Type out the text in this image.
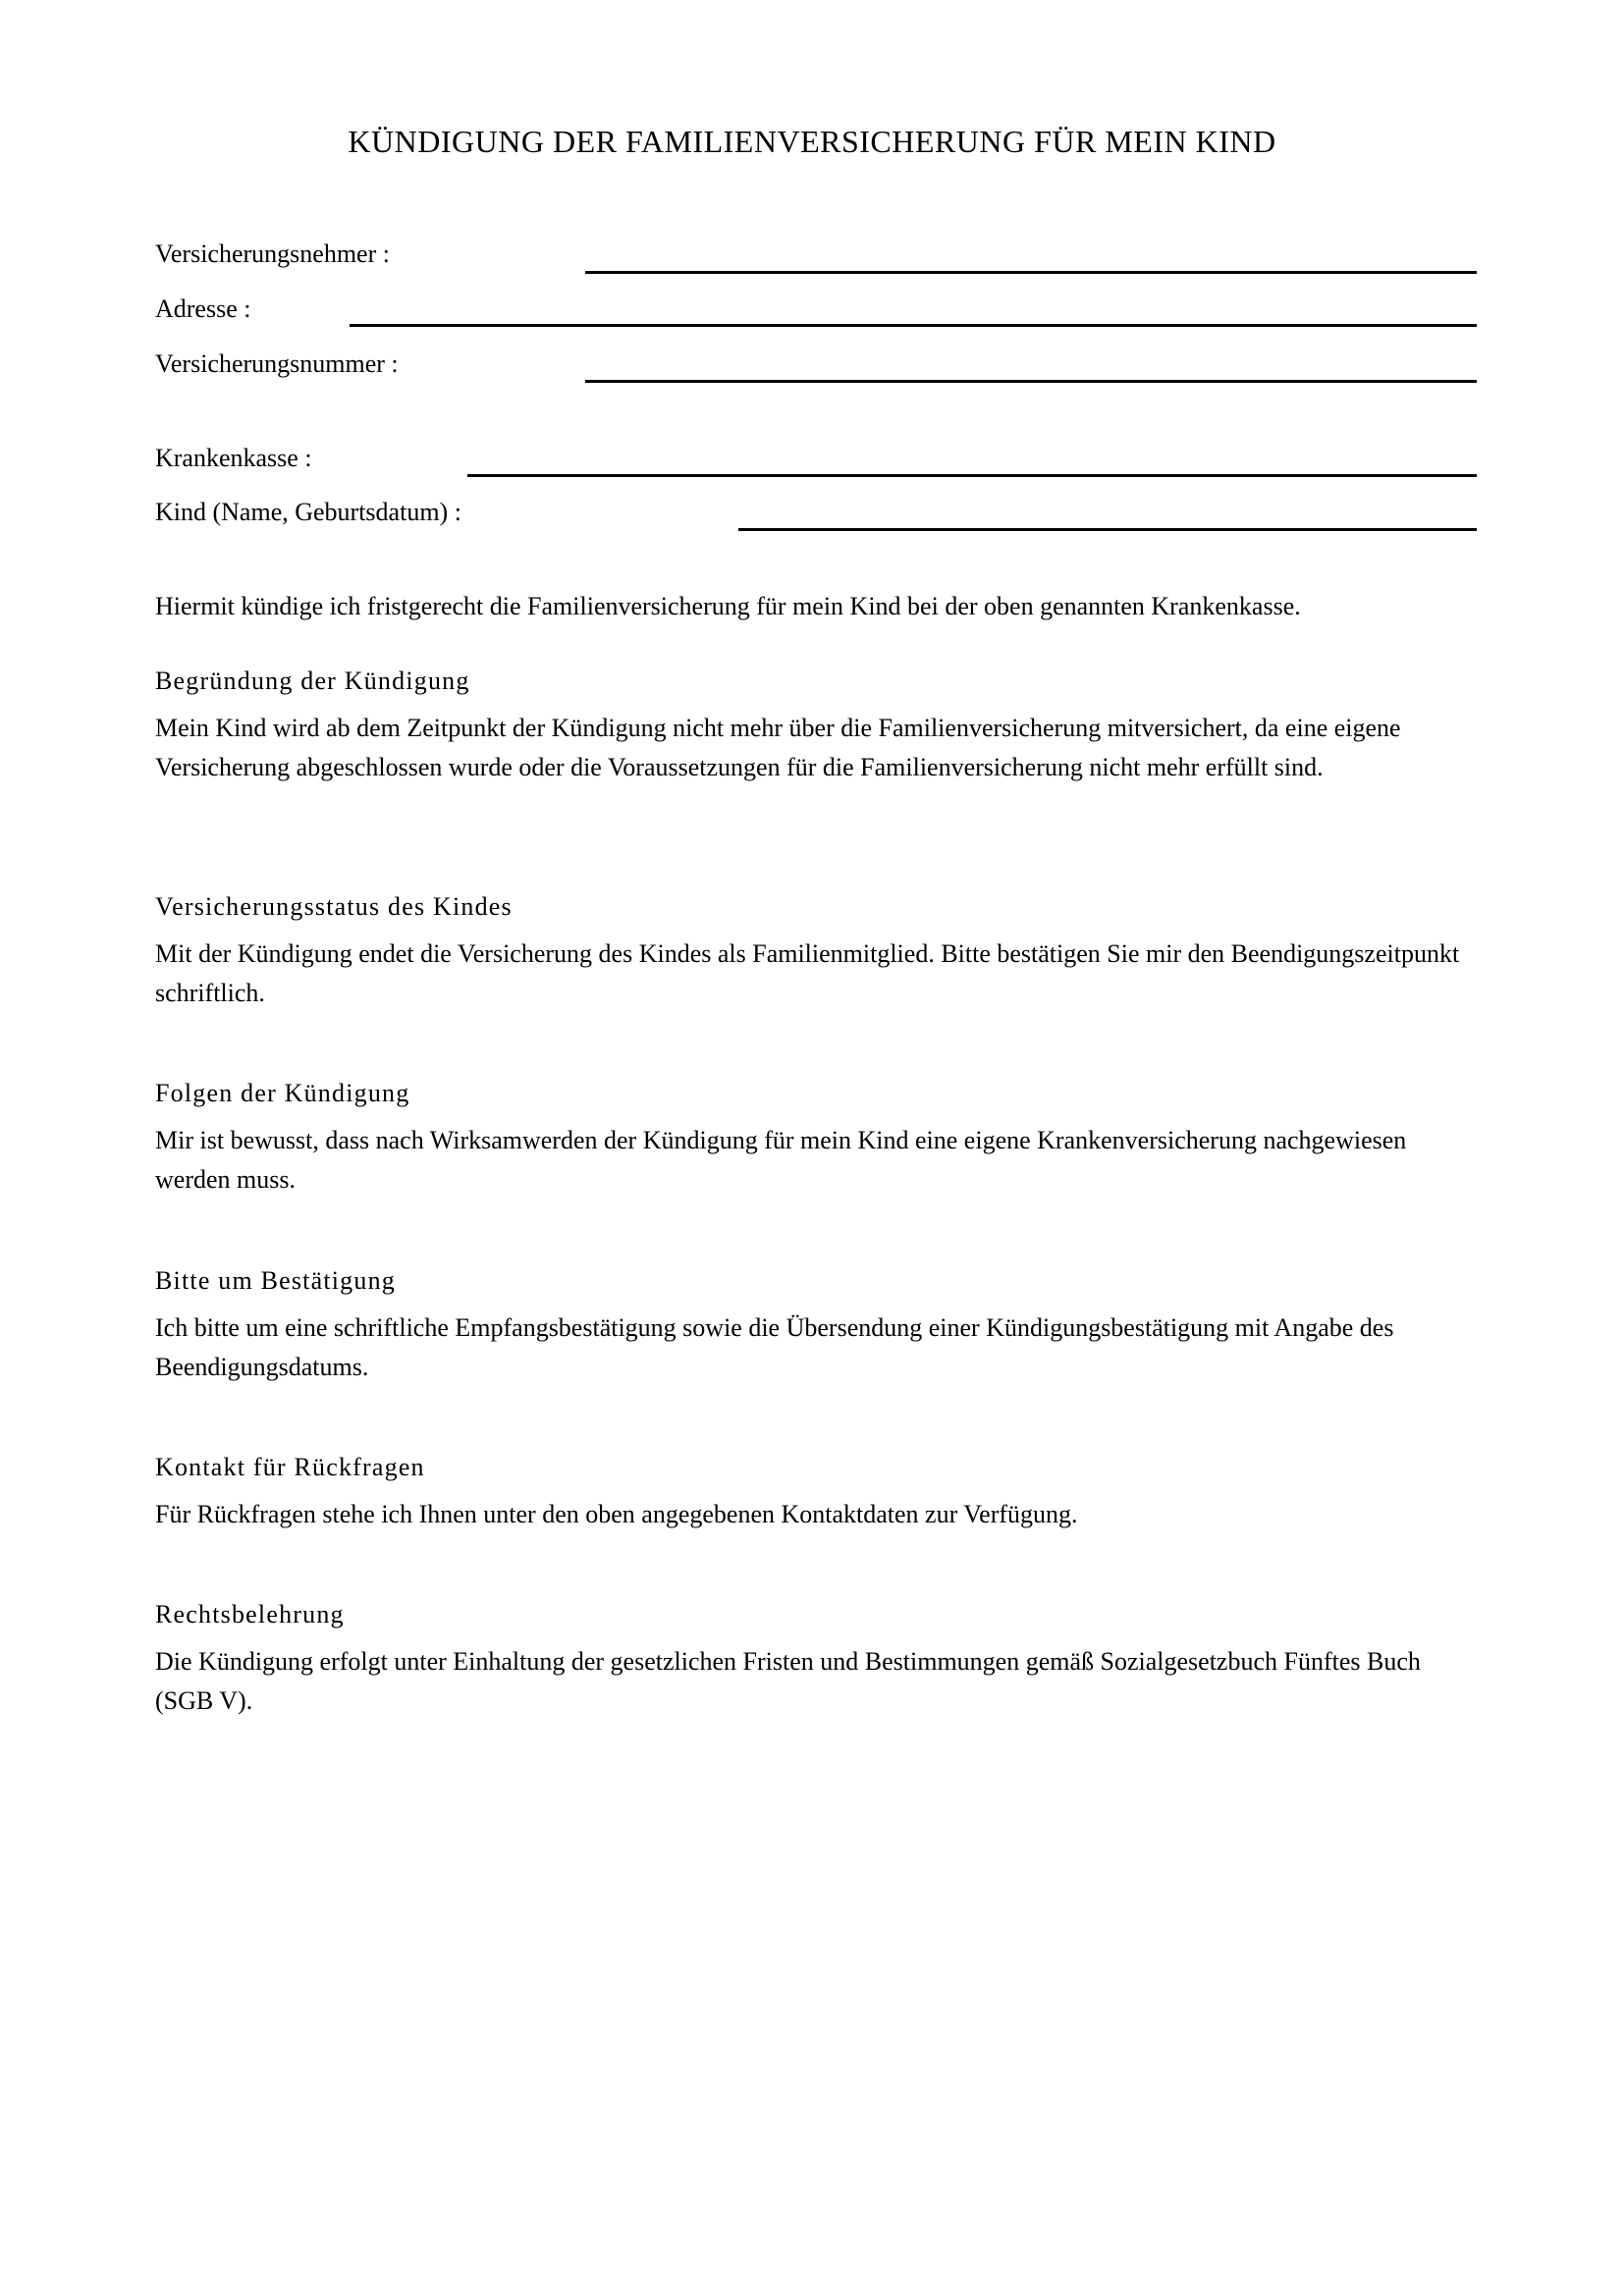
KÜNDIGUNG DER FAMILIENVERSICHERUNG FÜR MEIN KIND
Versicherungsnehmer :
Adresse :
Versicherungsnummer :
Krankenkasse :
Kind (Name, Geburtsdatum) :
Hiermit kündige ich fristgerecht die Familienversicherung für mein Kind bei der oben genannten Krankenkasse.
Begründung der Kündigung
Mein Kind wird ab dem Zeitpunkt der Kündigung nicht mehr über die Familienversicherung mitversichert, da eine eigene Versicherung abgeschlossen wurde oder die Voraussetzungen für die Familienversicherung nicht mehr erfüllt sind.
Versicherungsstatus des Kindes
Mit der Kündigung endet die Versicherung des Kindes als Familienmitglied. Bitte bestätigen Sie mir den Beendigungszeitpunkt schriftlich.
Folgen der Kündigung
Mir ist bewusst, dass nach Wirksamwerden der Kündigung für mein Kind eine eigene Krankenversicherung nachgewiesen werden muss.
Bitte um Bestätigung
Ich bitte um eine schriftliche Empfangsbestätigung sowie die Übersendung einer Kündigungsbestätigung mit Angabe des Beendigungsdatums.
Kontakt für Rückfragen
Für Rückfragen stehe ich Ihnen unter den oben angegebenen Kontaktdaten zur Verfügung.
Rechtsbelehrung
Die Kündigung erfolgt unter Einhaltung der gesetzlichen Fristen und Bestimmungen gemäß Sozialgesetzbuch Fünftes Buch (SGB V).
